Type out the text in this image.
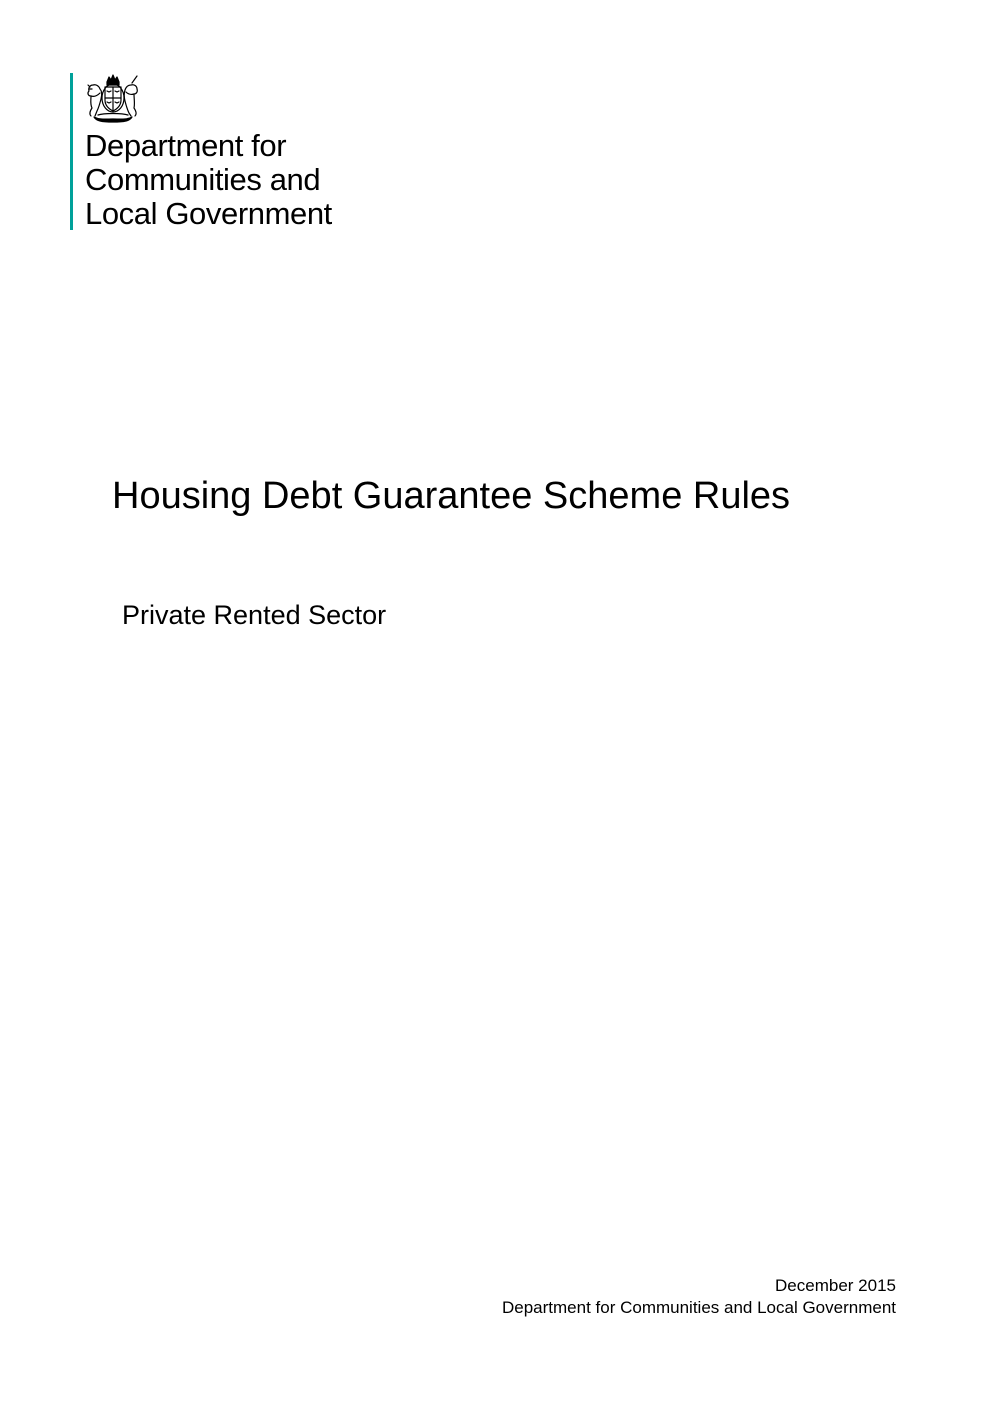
Department for
Communities and
Local Government
Housing Debt Guarantee Scheme Rules
Private Rented Sector
December 2015
Department for Communities and Local Government
